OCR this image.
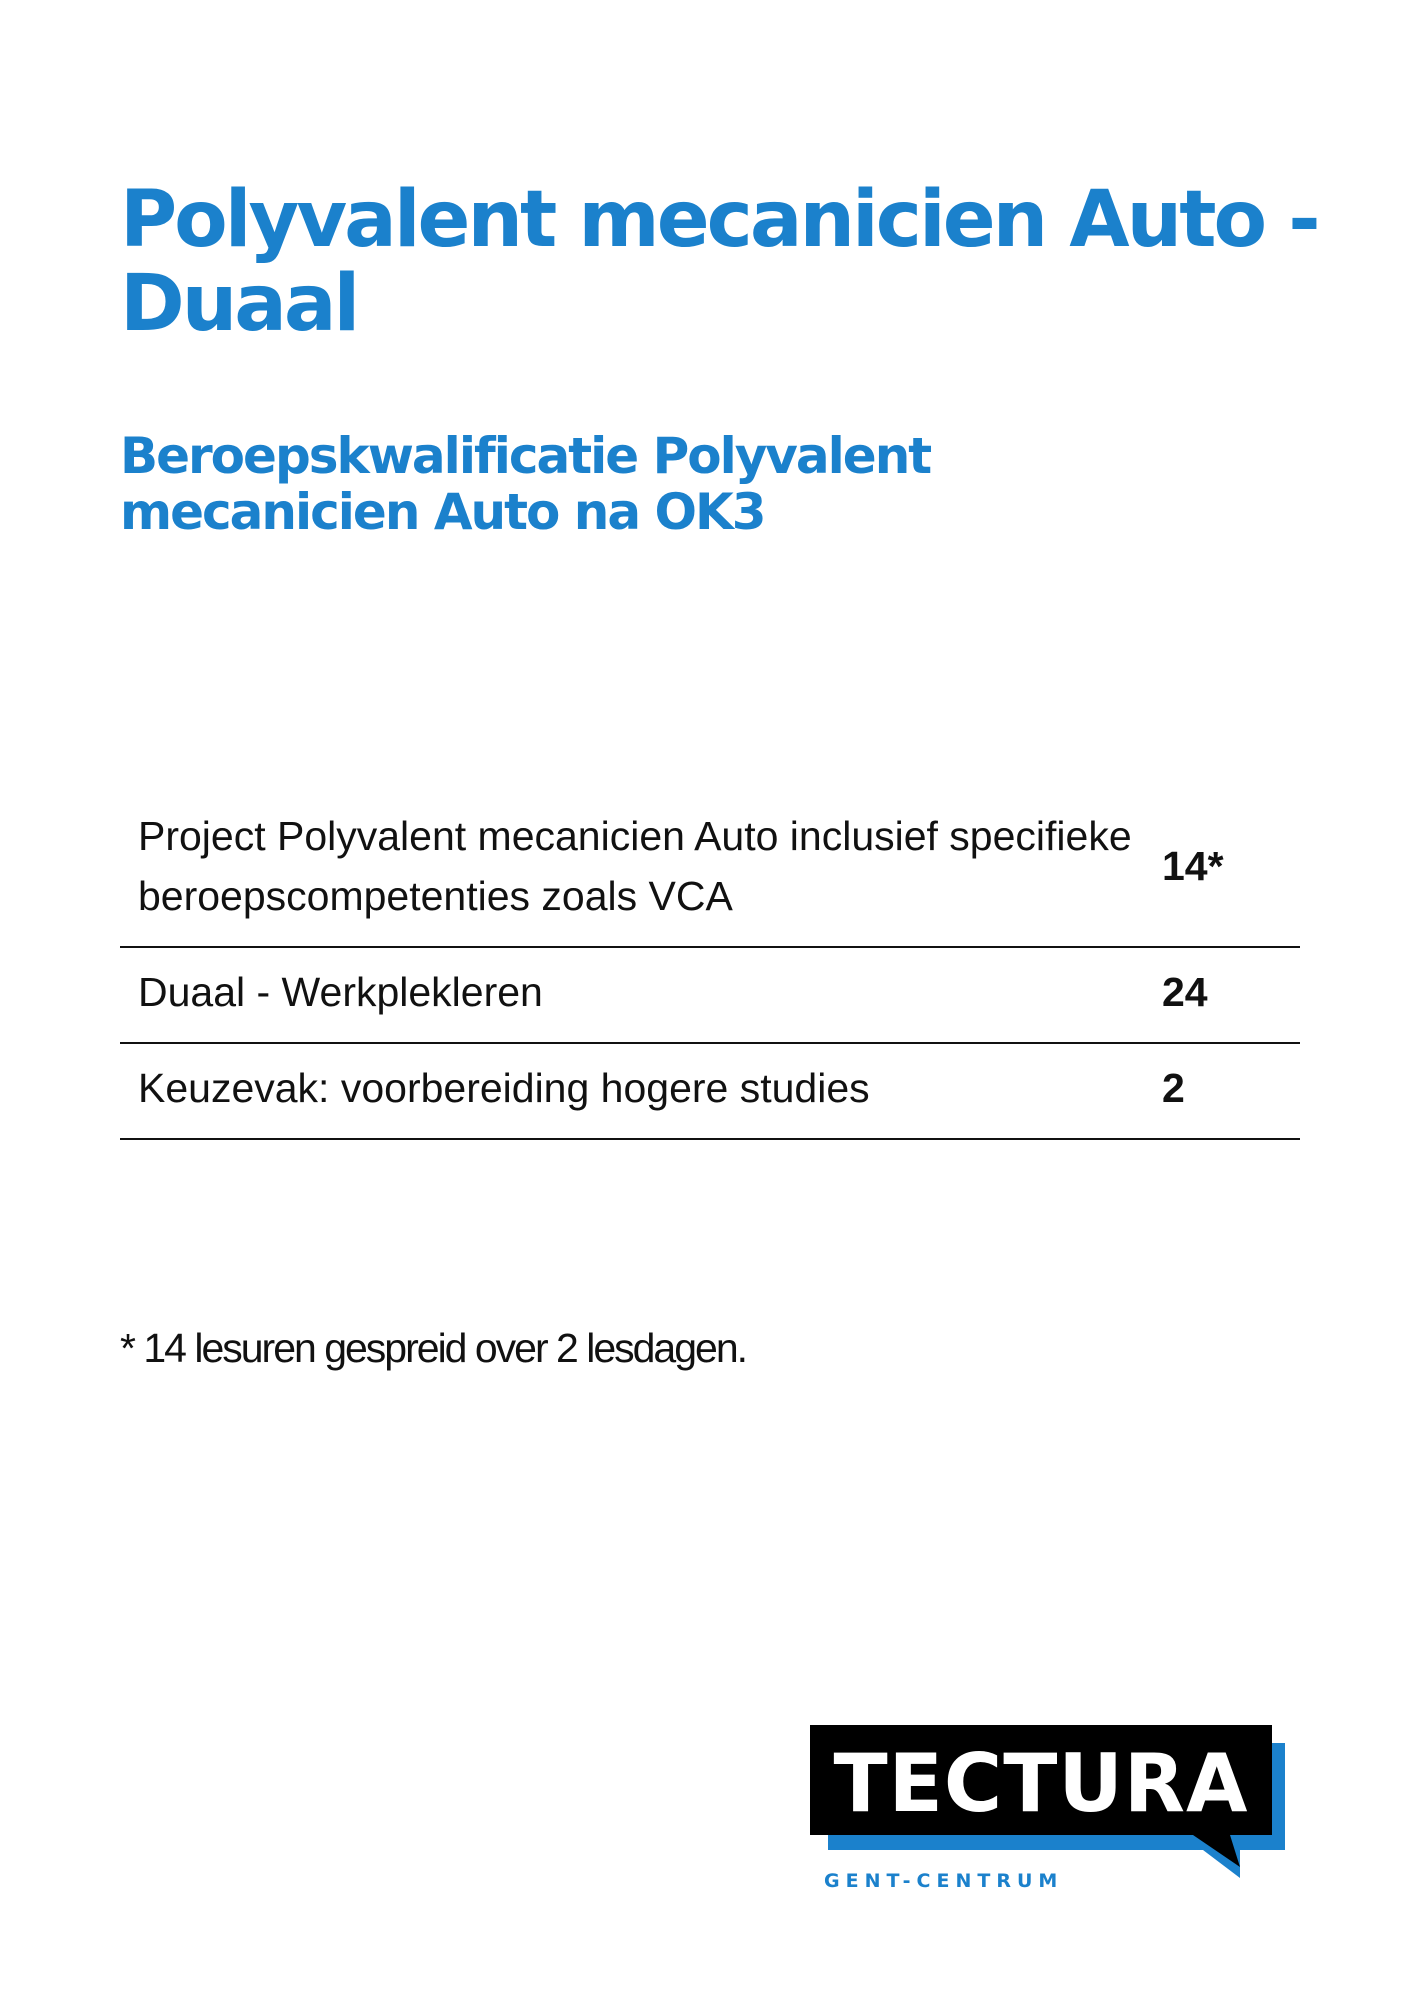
Polyvalent mecanicien Auto - Duaal
Beroepskwalificatie Polyvalent mecanicien Auto na OK3
Project Polyvalent mecanicien Auto inclusief specifieke beroepscompetenties zoals VCA	14*
Duaal - Werkplekleren	24
Keuzevak: voorbereiding hogere studies	2

* 14 lesuren gespreid over 2 lesdagen.

TECTURA
GENT-CENTRUM
